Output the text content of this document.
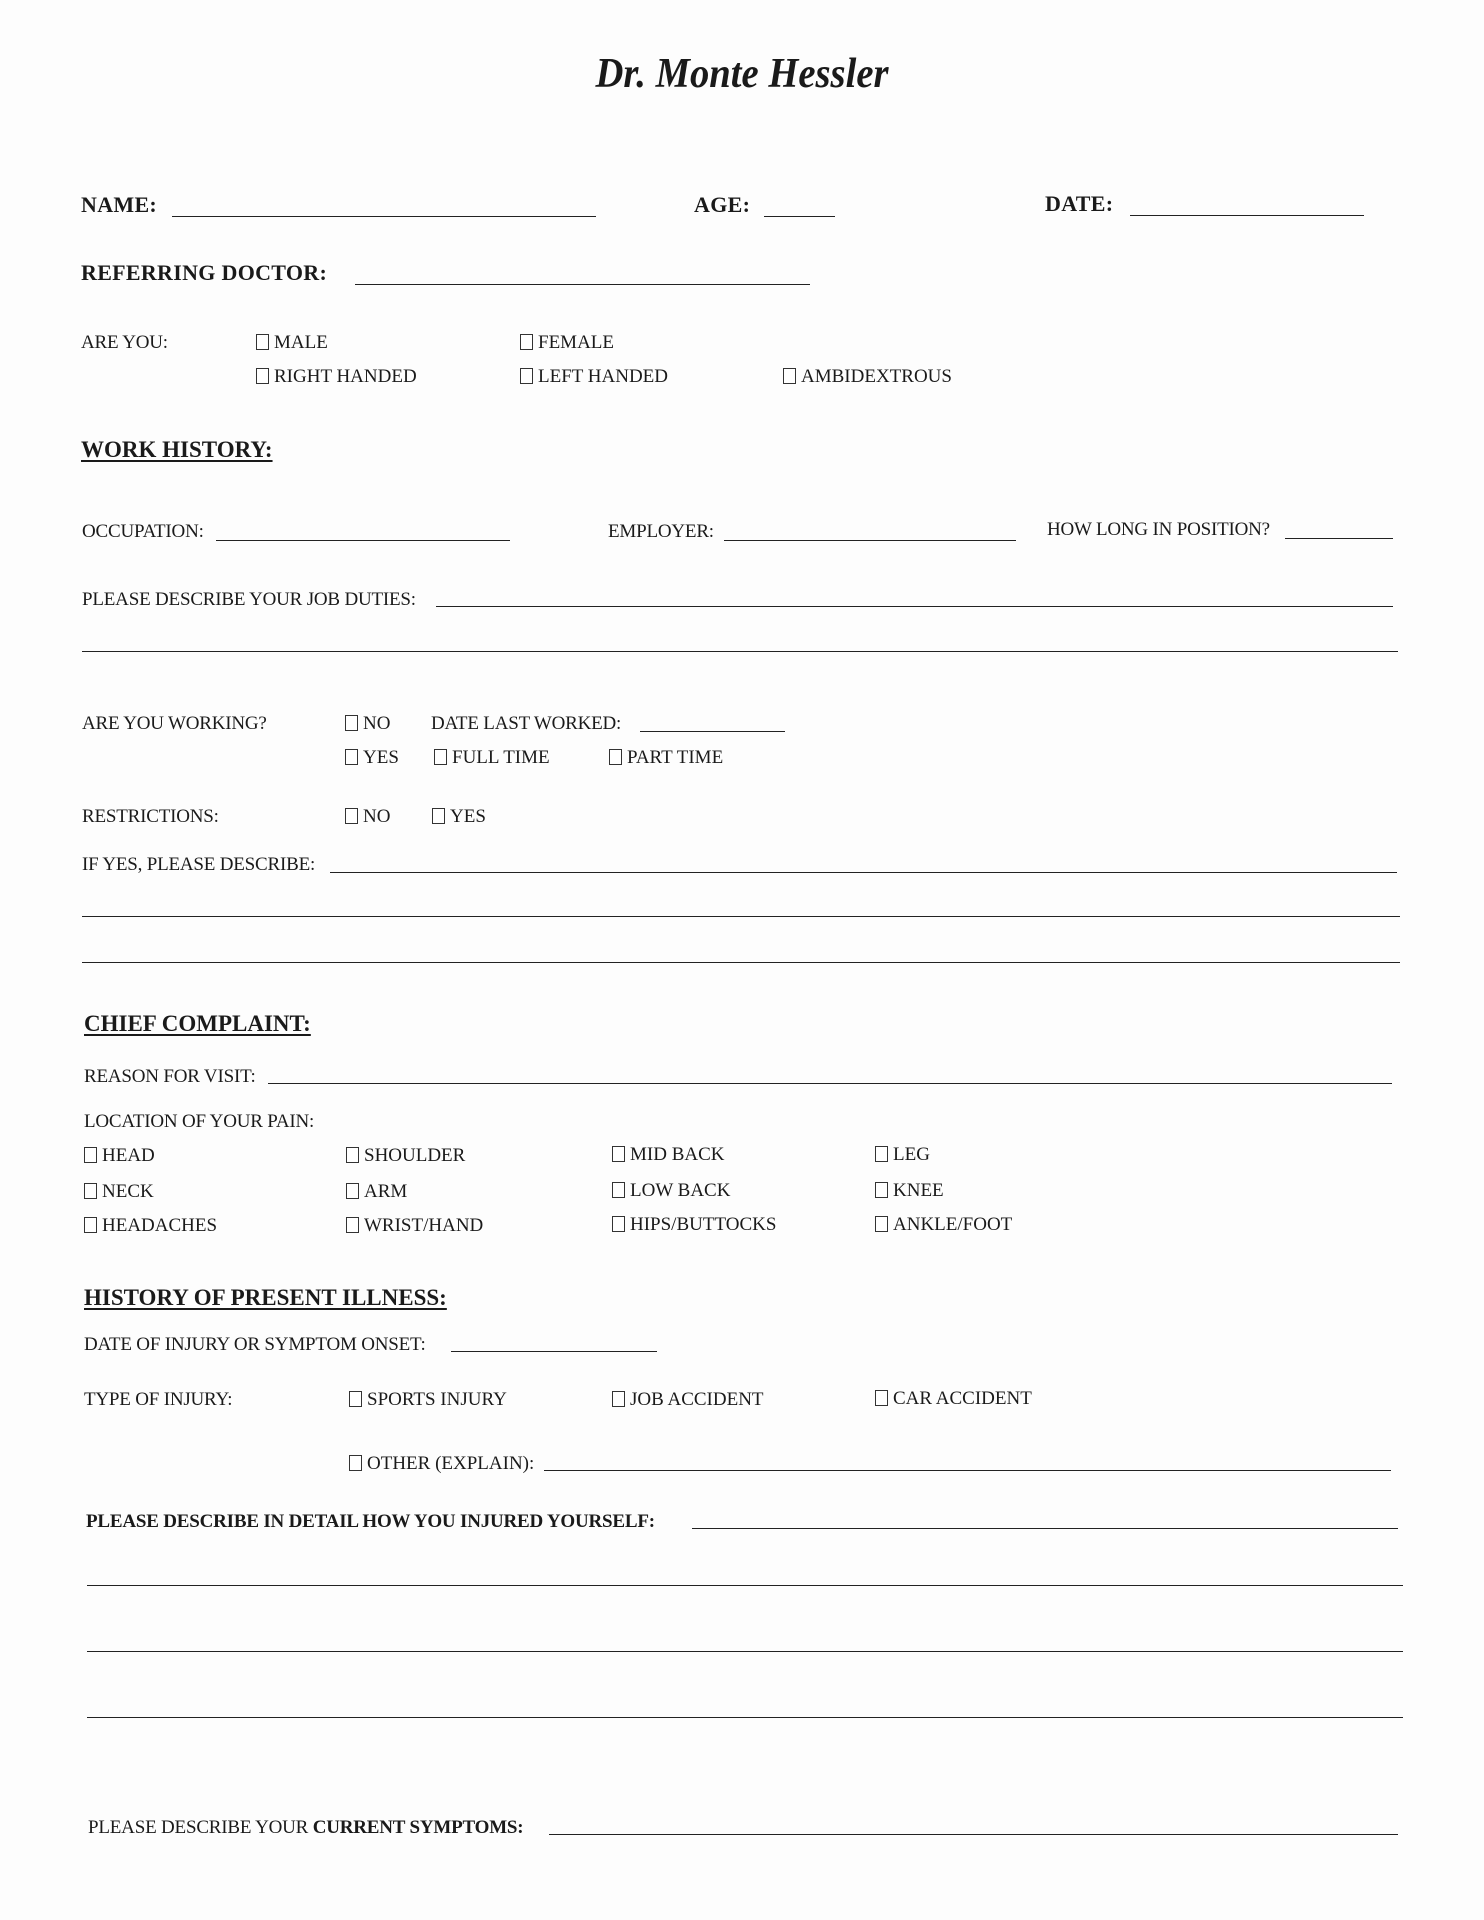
Dr. Monte Hessler
NAME:	AGE:	DATE:
REFERRING DOCTOR:
ARE YOU:	MALE	FEMALE
RIGHT HANDED	LEFT HANDED	AMBIDEXTROUS
WORK HISTORY:
OCCUPATION:	EMPLOYER:	HOW LONG IN POSITION?
PLEASE DESCRIBE YOUR JOB DUTIES:
ARE YOU WORKING?	NO DATE LAST WORKED:
YES	FULL TIME	PART TIME
RESTRICTIONS:	NO	YES
IF YES, PLEASE DESCRIBE:
CHIEF COMPLAINT:
REASON FOR VISIT:
LOCATION OF YOUR PAIN:
HEAD	SHOULDER	MID BACK	LEG
NECK	ARM	LOW BACK	KNEE
HEADACHES	WRIST/HAND	HIPS/BUTTOCKS	ANKLE/FOOT
HISTORY OF PRESENT ILLNESS:
DATE OF INJURY OR SYMPTOM ONSET:
TYPE OF INJURY:	SPORTS INJURY	JOB ACCIDENT	CAR ACCIDENT
OTHER (EXPLAIN):
PLEASE DESCRIBE IN DETAIL HOW YOU INJURED YOURSELF:
PLEASE DESCRIBE YOUR CURRENT SYMPTOMS:
